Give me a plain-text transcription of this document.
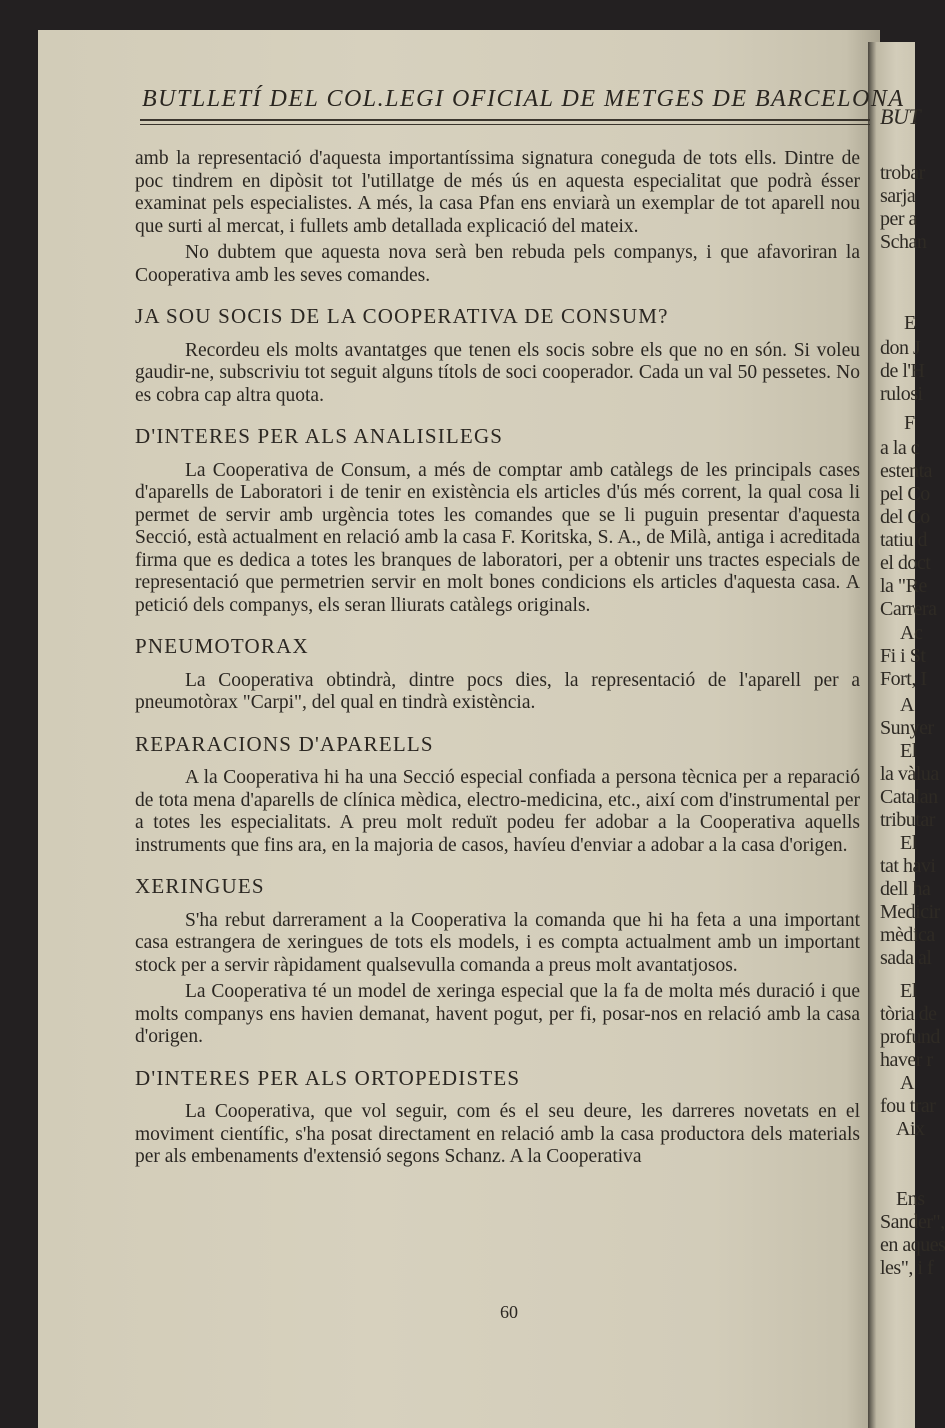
BUT
trobar
sarja
per a
Schan
E
don J
de l'H
rulosi
F
a la c
estenta
pel Co
del Co
tatiu d
el doct
la "Re
Carrera
Ac
Fi i St
Fort, I
A
Sunyer
El
la vàlua
Catalan
tributar
El
tat havi
dell ha
Medicir
mèdica
sada al
El
tòria de
profund
haver r
A
fou trar
Aix
Ens
Sander",
en aques
les", i f
BUTLLETÍ DEL COL.LEGI OFICIAL DE METGES DE BARCELONA

amb la representació d'aquesta importantíssima signatura coneguda de tots ells. Dintre de poc tindrem en dipòsit tot l'utillatge de més ús en aquesta especialitat que podrà ésser examinat pels especialistes. A més, la casa Pfan ens enviarà un exemplar de tot aparell nou que surti al mercat, i fullets amb detallada explicació del mateix.

No dubtem que aquesta nova serà ben rebuda pels companys, i que afavoriran la Cooperativa amb les seves comandes.

JA SOU SOCIS DE LA COOPERATIVA DE CONSUM?

Recordeu els molts avantatges que tenen els socis sobre els que no en són. Si voleu gaudir-ne, subscriviu tot seguit alguns títols de soci cooperador. Cada un val 50 pessetes. No es cobra cap altra quota.

D'INTERES PER ALS ANALISILEGS

La Cooperativa de Consum, a més de comptar amb catàlegs de les principals cases d'aparells de Laboratori i de tenir en existència els articles d'ús més corrent, la qual cosa li permet de servir amb urgència totes les comandes que se li puguin presentar d'aquesta Secció, està actualment en relació amb la casa F. Koritska, S. A., de Milà, antiga i acreditada firma que es dedica a totes les branques de laboratori, per a obtenir uns tractes especials de representació que permetrien servir en molt bones condicions els articles d'aquesta casa. A petició dels companys, els seran lliurats catàlegs originals.

PNEUMOTORAX

La Cooperativa obtindrà, dintre pocs dies, la representació de l'aparell per a pneumotòrax "Carpi", del qual en tindrà existència.

REPARACIONS D'APARELLS

A la Cooperativa hi ha una Secció especial confiada a persona tècnica per a reparació de tota mena d'aparells de clínica mèdica, electro-medicina, etc., així com d'instrumental per a totes les especialitats. A preu molt reduït podeu fer adobar a la Cooperativa aquells instruments que fins ara, en la majoria de casos, havíeu d'enviar a adobar a la casa d'origen.

XERINGUES

S'ha rebut darrerament a la Cooperativa la comanda que hi ha feta a una important casa estrangera de xeringues de tots els models, i es compta actualment amb un important stock per a servir ràpidament qualsevulla comanda a preus molt avantatjosos.

La Cooperativa té un model de xeringa especial que la fa de molta més duració i que molts companys ens havien demanat, havent pogut, per fi, posar-nos en relació amb la casa d'origen.

D'INTERES PER ALS ORTOPEDISTES

La Cooperativa, que vol seguir, com és el seu deure, les darreres novetats en el moviment científic, s'ha posat directament en relació amb la casa productora dels materials per als embenaments d'extensió segons Schanz. A la Cooperativa

60
